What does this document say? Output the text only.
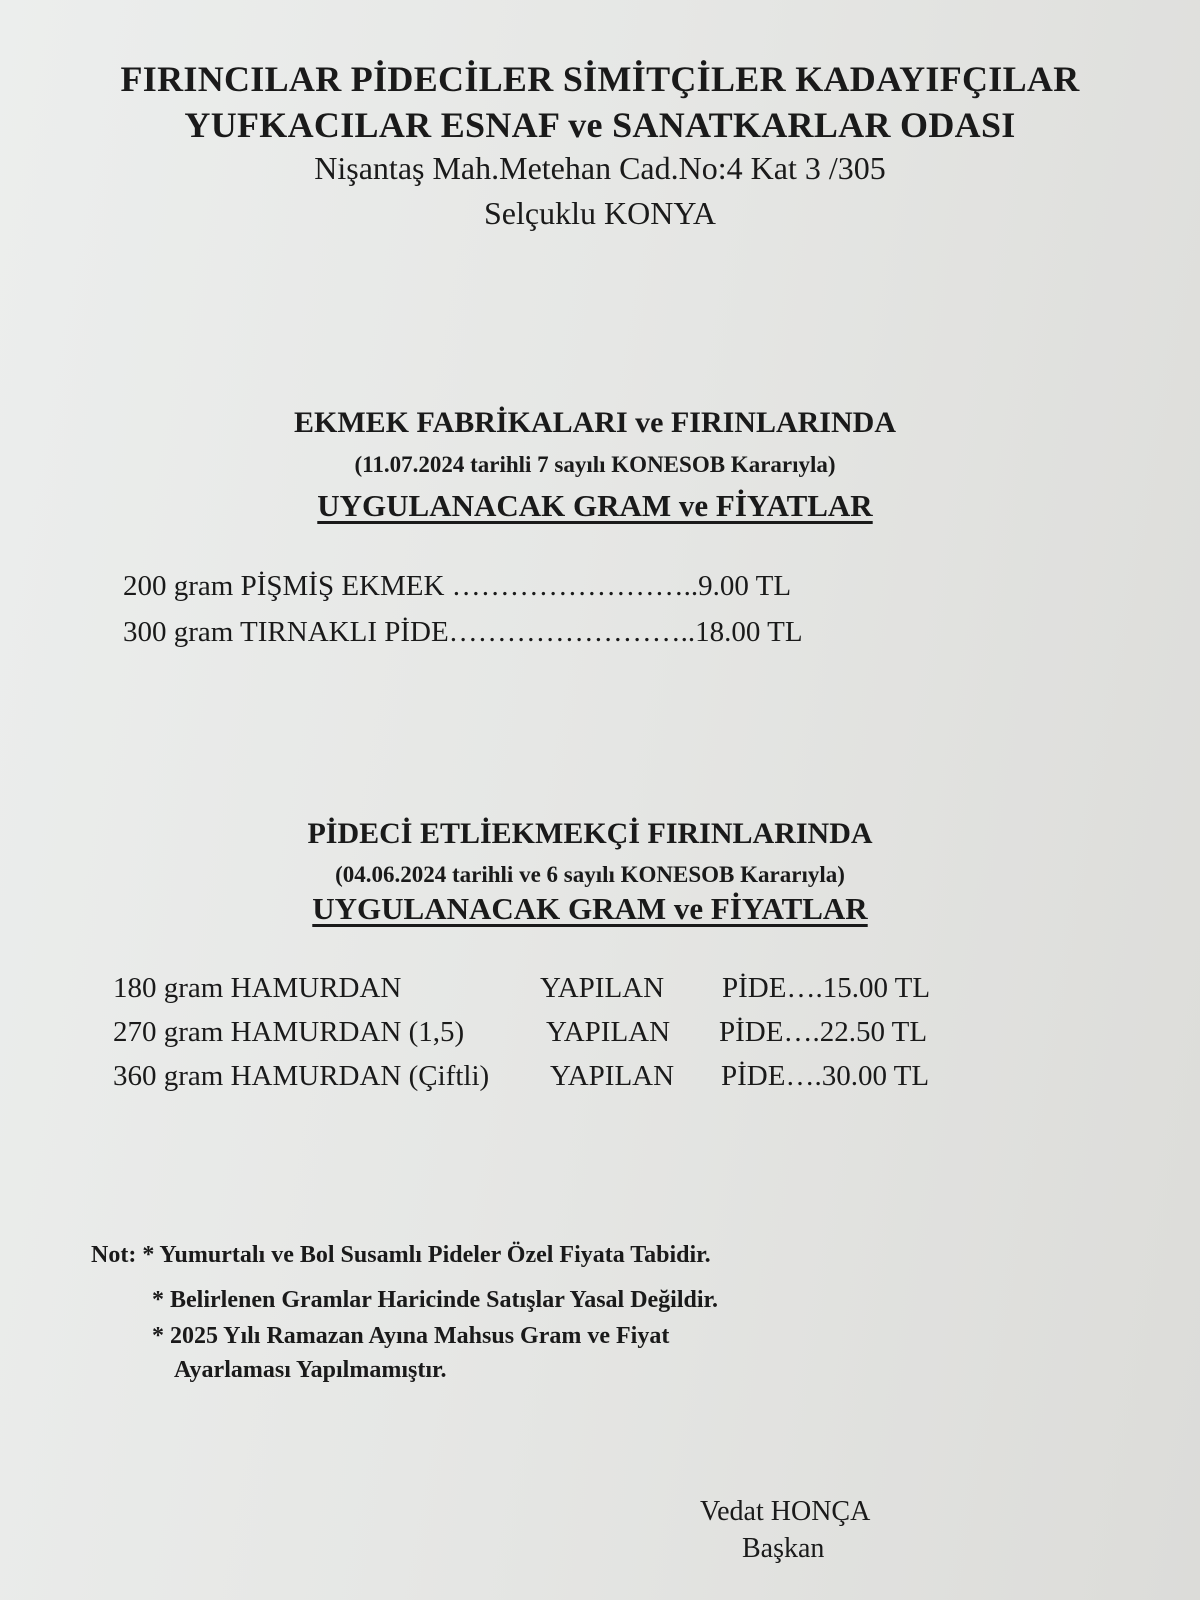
FIRINCILAR PİDECİLER SİMİTÇİLER KADAYIFÇILAR
YUFKACILAR ESNAF ve SANATKARLAR ODASI
Nişantaş Mah.Metehan Cad.No:4 Kat 3 /305
Selçuklu KONYA
EKMEK FABRİKALARI ve FIRINLARINDA
(11.07.2024 tarihli 7 sayılı KONESOB Kararıyla)
UYGULANACAK GRAM ve FİYATLAR
200 gram PİŞMİŞ EKMEK ……………………..9.00 TL
300 gram TIRNAKLI PİDE……………………..18.00 TL
PİDECİ ETLİEKMEKÇİ FIRINLARINDA
(04.06.2024 tarihli ve 6 sayılı KONESOB Kararıyla)
UYGULANACAK GRAM ve FİYATLAR
180 gram HAMURDAN	YAPILAN PİDE….15.00 TL
270 gram HAMURDAN (1,5)	YAPILAN PİDE….22.50 TL
360 gram HAMURDAN (Çiftli) YAPILAN PİDE….30.00 TL
Not: * Yumurtalı ve Bol Susamlı Pideler Özel Fiyata Tabidir.
* Belirlenen Gramlar Haricinde Satışlar Yasal Değildir.
* 2025 Yılı Ramazan Ayına Mahsus Gram ve Fiyat
Ayarlaması Yapılmamıştır.
Vedat HONÇA
Başkan
